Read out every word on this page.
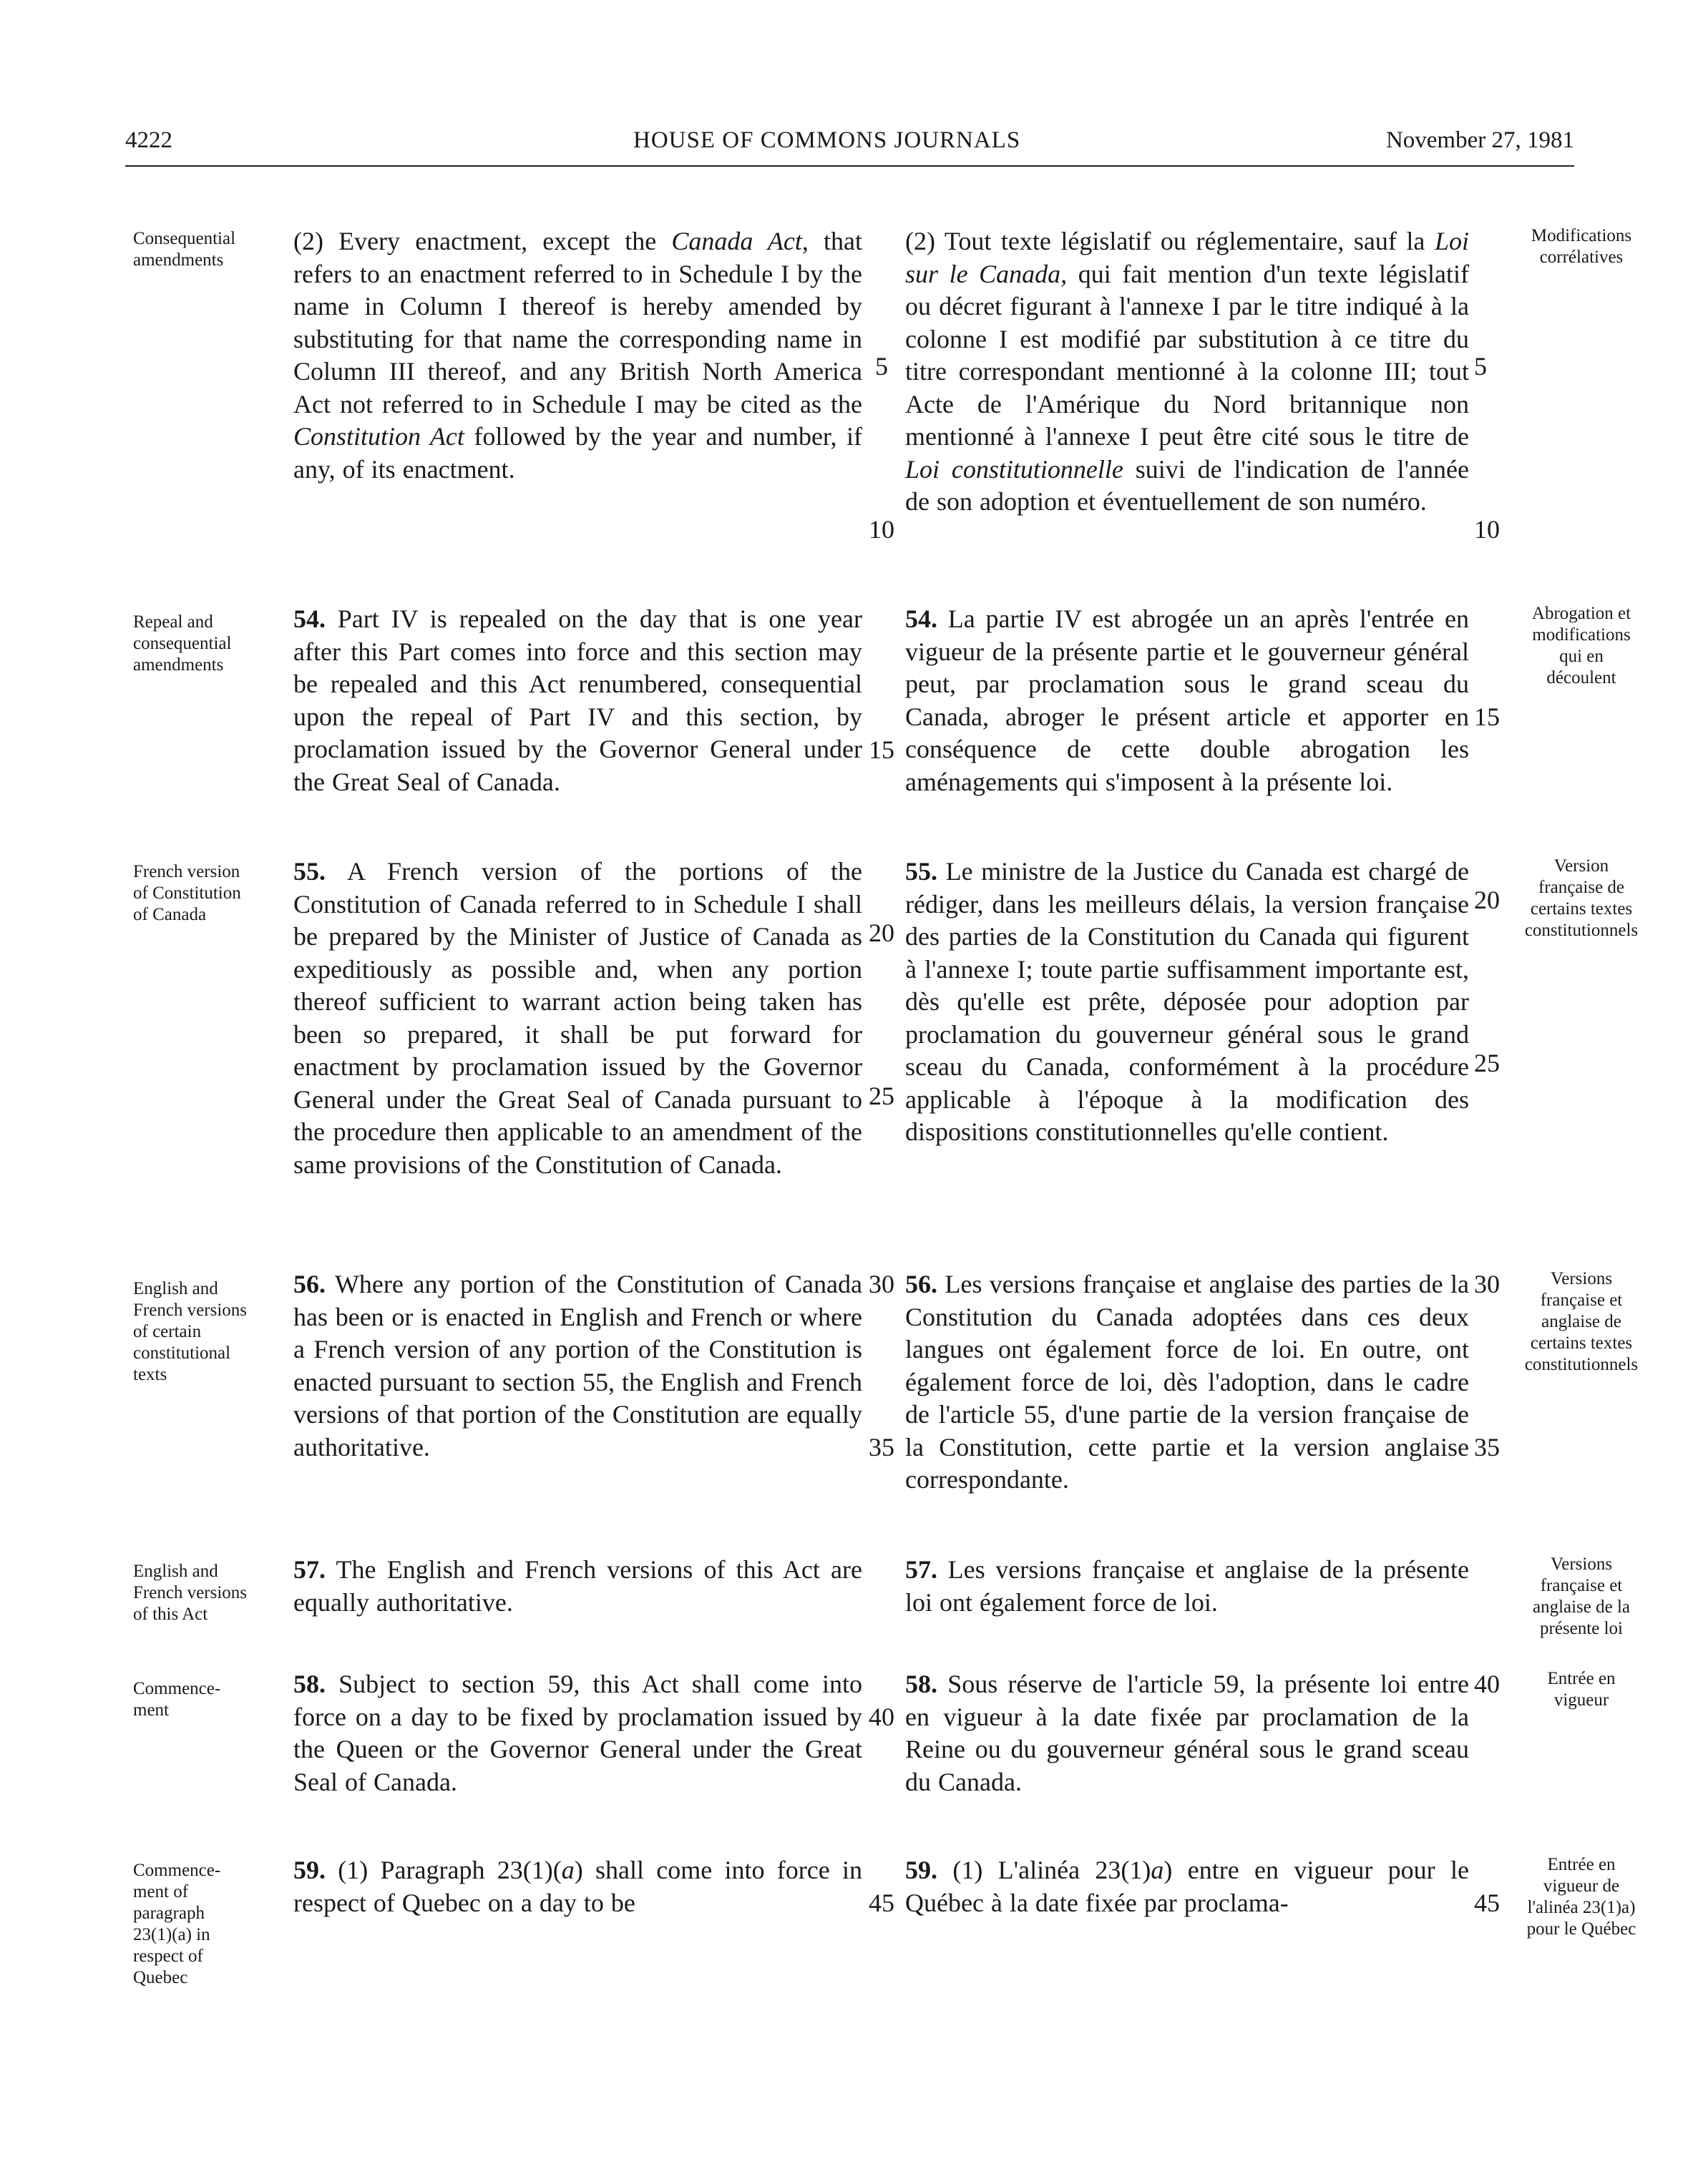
4222	HOUSE OF COMMONS JOURNALS	November 27, 1981
Consequential
amendments
Modifications
corrélatives
(2) Every enactment, except the Canada Act, that refers to an enactment referred to in Schedule I by the name in Column I thereof is hereby amended by substituting for that name the corresponding name in Column III thereof, and any British North America Act not referred to in Schedule I may be cited as the Constitution Act followed by the year and number, if any, of its enactment.
(2) Tout texte législatif ou réglementaire, sauf la Loi sur le Canada, qui fait mention d'un texte législatif ou décret figurant à l'annexe I par le titre indiqué à la colonne I est modifié par substitution à ce titre du titre correspondant mentionné à la colonne III; tout Acte de l'Amérique du Nord britannique non mentionné à l'annexe I peut être cité sous le titre de Loi constitutionnelle suivi de l'indication de l'année de son adoption et éventuellement de son numéro.
Repeal and
consequential
amendments
Abrogation et
modifications
qui en
découlent
54. Part IV is repealed on the day that is one year after this Part comes into force and this section may be repealed and this Act renumbered, consequential upon the repeal of Part IV and this section, by proclamation issued by the Governor General under the Great Seal of Canada.
54. La partie IV est abrogée un an après l'entrée en vigueur de la présente partie et le gouverneur général peut, par proclamation sous le grand sceau du Canada, abroger le présent article et apporter en conséquence de cette double abrogation les aménagements qui s'imposent à la présente loi.
French version
of Constitution
of Canada
Version
française de
certains textes
constitutionnels
55. A French version of the portions of the Constitution of Canada referred to in Schedule I shall be prepared by the Minister of Justice of Canada as expeditiously as possible and, when any portion thereof sufficient to warrant action being taken has been so prepared, it shall be put forward for enactment by proclamation issued by the Governor General under the Great Seal of Canada pursuant to the procedure then applicable to an amendment of the same provisions of the Constitution of Canada.
55. Le ministre de la Justice du Canada est chargé de rédiger, dans les meilleurs délais, la version française des parties de la Constitution du Canada qui figurent à l'annexe I; toute partie suffisamment importante est, dès qu'elle est prête, déposée pour adoption par proclamation du gouverneur général sous le grand sceau du Canada, conformément à la procédure applicable à l'époque à la modification des dispositions constitutionnelles qu'elle contient.
English and
French versions
of certain
constitutional
texts
Versions
française et
anglaise de
certains textes
constitutionnels
56. Where any portion of the Constitution of Canada has been or is enacted in English and French or where a French version of any portion of the Constitution is enacted pursuant to section 55, the English and French versions of that portion of the Constitution are equally authoritative.
56. Les versions française et anglaise des parties de la Constitution du Canada adoptées dans ces deux langues ont également force de loi. En outre, ont également force de loi, dès l'adoption, dans le cadre de l'article 55, d'une partie de la version française de la Constitution, cette partie et la version anglaise correspondante.
English and
French versions
of this Act
Versions
française et
anglaise de la
présente loi
57. The English and French versions of this Act are equally authoritative.
57. Les versions française et anglaise de la présente loi ont également force de loi.
Commence-
ment
Entrée en
vigueur
58. Subject to section 59, this Act shall come into force on a day to be fixed by proclamation issued by the Queen or the Governor General under the Great Seal of Canada.
58. Sous réserve de l'article 59, la présente loi entre en vigueur à la date fixée par proclamation de la Reine ou du gouverneur général sous le grand sceau du Canada.
Commence-
ment of
paragraph
23(1)(a) in
respect of
Quebec
Entrée en
vigueur de
l'alinéa 23(1)a)
pour le Québec
59. (1) Paragraph 23(1)(a) shall come into force in respect of Quebec on a day to be
59. (1) L'alinéa 23(1)a) entre en vigueur pour le Québec à la date fixée par proclama-
5
10
15
20
25
30
35
40
45
5
10
15
20
25
30
35
40
45
